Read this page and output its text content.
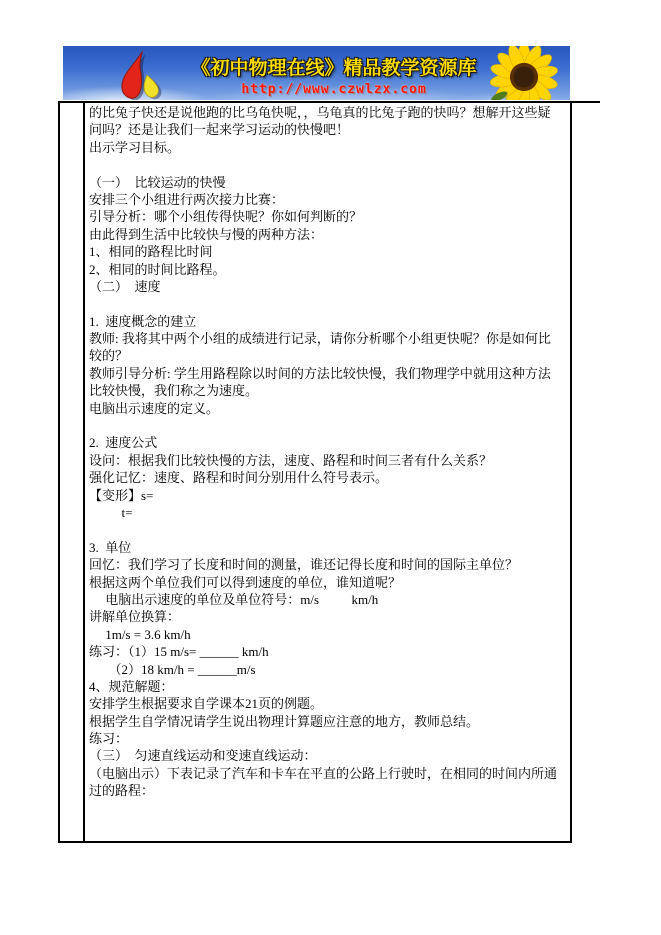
《初中物理在线》精品教学资源库
http://www.czwlzx.com
的比兔子快还是说他跑的比乌龟快呢，，乌龟真的比兔子跑的快吗？想解开这些疑
问吗？还是让我们一起来学习运动的快慢吧！
出示学习目标。

（一）  比较运动的快慢
安排三个小组进行两次接力比赛：
引导分析：哪个小组传得快呢？你如何判断的？
由此得到生活中比较快与慢的两种方法：
1、相同的路程比时间
2、相同的时间比路程。
（二）  速度

1.  速度概念的建立
教师: 我将其中两个小组的成绩进行记录，请你分析哪个小组更快呢？你是如何比
较的？
教师引导分析: 学生用路程除以时间的方法比较快慢，我们物理学中就用这种方法
比较快慢，我们称之为速度。
电脑出示速度的定义。

2.  速度公式
设问：根据我们比较快慢的方法，速度、路程和时间三者有什么关系？
强化记忆：速度、路程和时间分别用什么符号表示。
【变形】s=
t=

3.  单位
回忆：我们学习了长度和时间的测量，谁还记得长度和时间的国际主单位？
根据这两个单位我们可以得到速度的单位，谁知道呢？
电脑出示速度的单位及单位符号：m/s          km/h
讲解单位换算：
1m/s = 3.6 km/h
练习：（1）15 m/s= ______ km/h
（2）18 km/h = ______m/s
4、规范解题：
安排学生根据要求自学课本21页的例题。
根据学生自学情况请学生说出物理计算题应注意的地方，教师总结。
练习：
（三）  匀速直线运动和变速直线运动：
（电脑出示）下表记录了汽车和卡车在平直的公路上行驶时，在相同的时间内所通
过的路程：
